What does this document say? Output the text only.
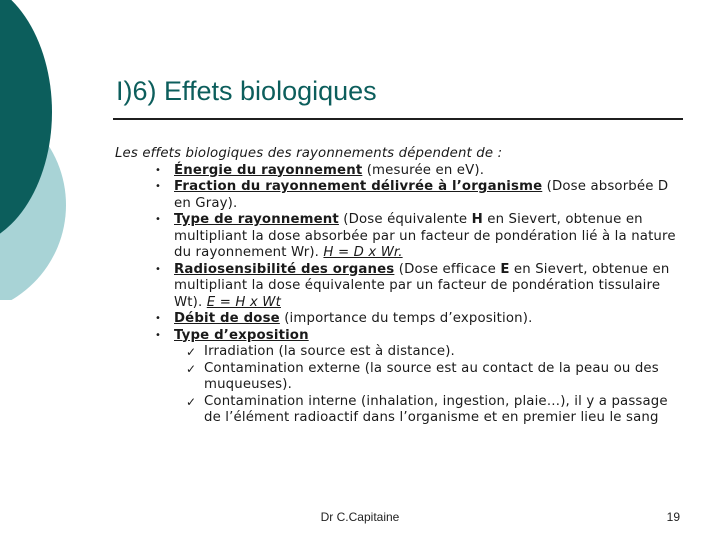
I)6) Effets biologiques

Les effets biologiques des rayonnements dépendent de :

• Énergie du rayonnement (mesurée en eV).
• Fraction du rayonnement délivrée à l’organisme (Dose absorbée D en Gray).
• Type de rayonnement (Dose équivalente H en Sievert, obtenue en multipliant la dose absorbée par un facteur de pondération lié à la nature du rayonnement Wr). H = D x Wr.
• Radiosensibilité des organes (Dose efficace E en Sievert, obtenue en multipliant la dose équivalente par un facteur de pondération tissulaire Wt). E = H x Wt
• Débit de dose (importance du temps d’exposition).
• Type d’exposition
✓ Irradiation (la source est à distance).
✓ Contamination externe (la source est au contact de la peau ou des muqueuses).
✓ Contamination interne (inhalation, ingestion, plaie…), il y a passage de l’élément radioactif dans l’organisme et en premier lieu le sang
Dr C.Capitaine	19
